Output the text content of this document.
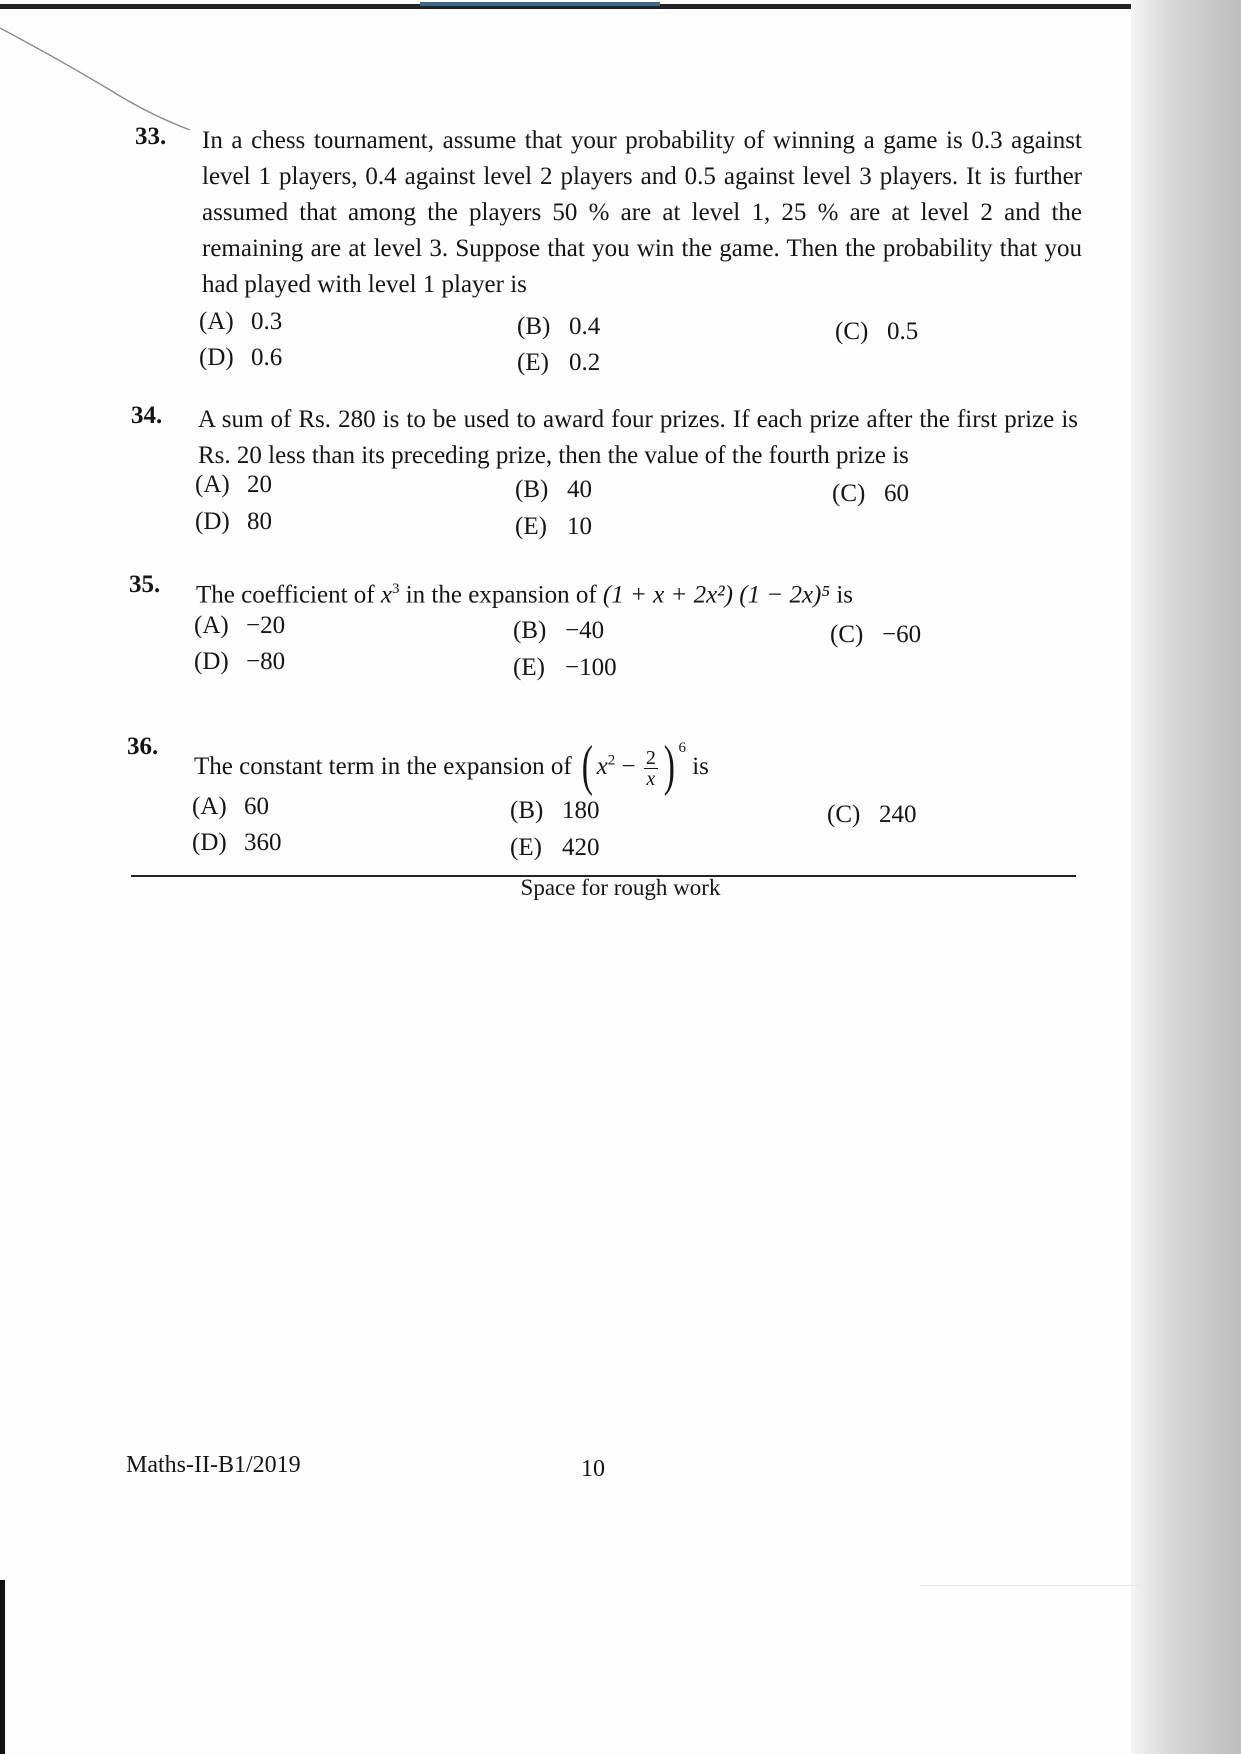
33. In a chess tournament, assume that your probability of winning a game is 0.3 against level 1 players, 0.4 against level 2 players and 0.5 against level 3 players. It is further assumed that among the players 50 % are at level 1, 25 % are at level 2 and the remaining are at level 3. Suppose that you win the game. Then the probability that you had played with level 1 player is
(A) 0.3	(B) 0.4	(C) 0.5
(D) 0.6	(E) 0.2
34. A sum of Rs. 280 is to be used to award four prizes. If each prize after the first prize is Rs. 20 less than its preceding prize, then the value of the fourth prize is
(A) 20	(B) 40	(C) 60
(D) 80	(E) 10
35. The coefficient of $x^3$ in the expansion of (1 + x + 2x²) (1 − 2x)⁵ is
(A) −20	(B) −40	(C) −60
(D) −80	(E) −100
36.
The constant term in the expansion of ( $x^2 - \frac{2}{x}$ ) $^6$ is
(A) 60	(B) 180	(C) 240
(D) 360	(E) 420
Space for rough work
Maths-II-B1/2019	10
